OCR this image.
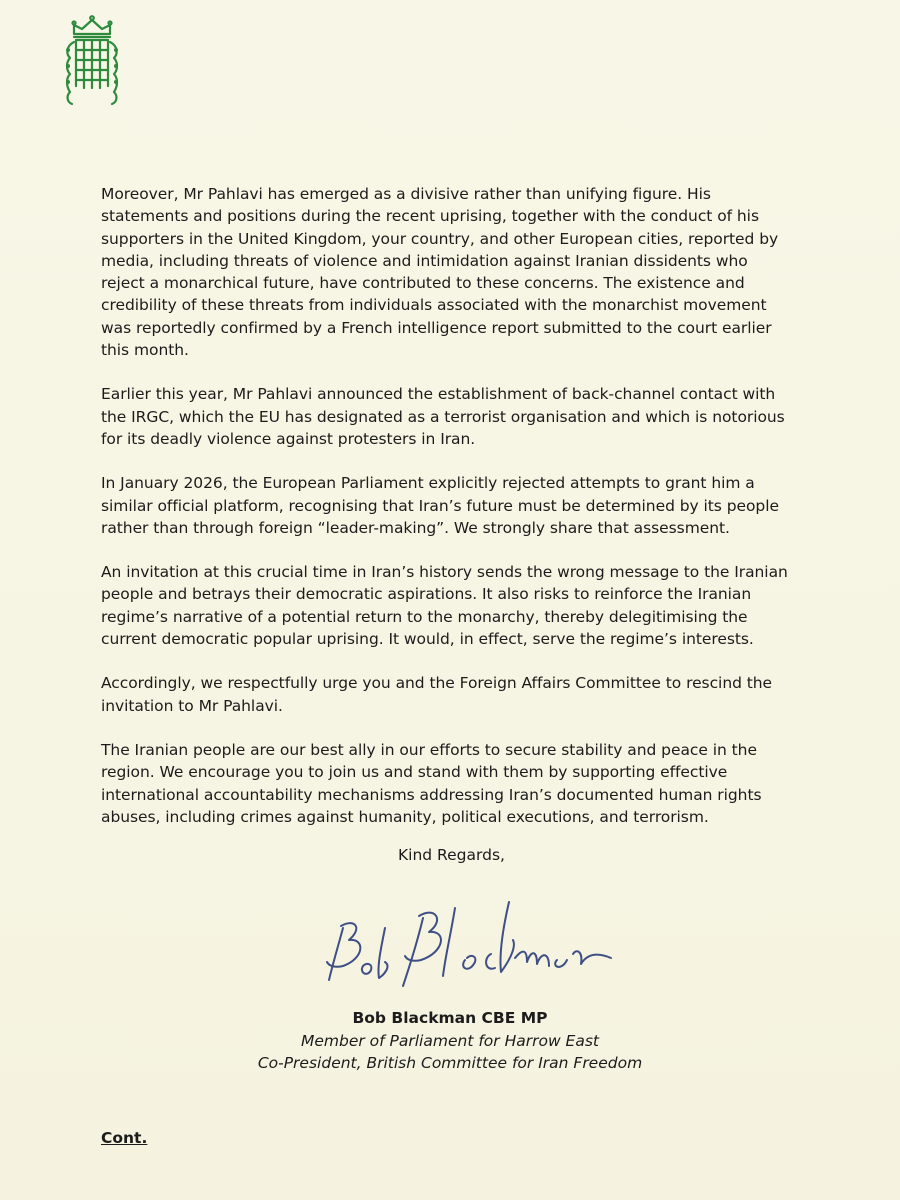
Moreover, Mr Pahlavi has emerged as a divisive rather than unifying figure. His statements and positions during the recent uprising, together with the conduct of his supporters in the United Kingdom, your country, and other European cities, reported by media, including threats of violence and intimidation against Iranian dissidents who reject a monarchical future, have contributed to these concerns. The existence and credibility of these threats from individuals associated with the monarchist movement was reportedly confirmed by a French intelligence report submitted to the court earlier this month.

Earlier this year, Mr Pahlavi announced the establishment of back-channel contact with the IRGC, which the EU has designated as a terrorist organisation and which is notorious for its deadly violence against protesters in Iran.

In January 2026, the European Parliament explicitly rejected attempts to grant him a similar official platform, recognising that Iran’s future must be determined by its people rather than through foreign “leader-making”. We strongly share that assessment.

An invitation at this crucial time in Iran’s history sends the wrong message to the Iranian people and betrays their democratic aspirations. It also risks to reinforce the Iranian regime’s narrative of a potential return to the monarchy, thereby delegitimising the current democratic popular uprising. It would, in effect, serve the regime’s interests.

Accordingly, we respectfully urge you and the Foreign Affairs Committee to rescind the invitation to Mr Pahlavi.

The Iranian people are our best ally in our efforts to secure stability and peace in the region. We encourage you to join us and stand with them by supporting effective international accountability mechanisms addressing Iran’s documented human rights abuses, including crimes against humanity, political executions, and terrorism.

Kind Regards,
Bob Blackman CBE MP
Member of Parliament for Harrow East
Co-President, British Committee for Iran Freedom
Cont.
